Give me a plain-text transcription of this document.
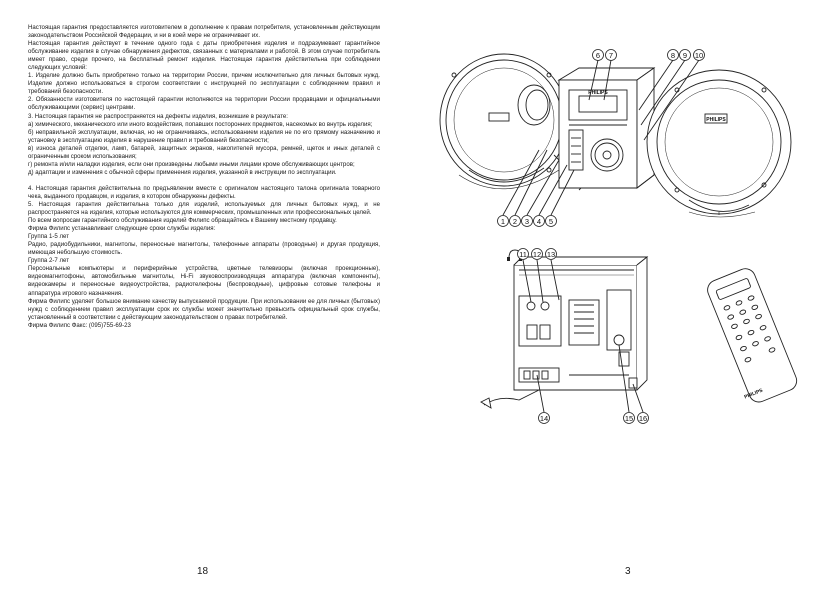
Настоящая гарантия предоставляется изготовителем в дополнение к правам потребителя, установленным действующим законодательством Российской Федерации, и ни в коей мере не ограничивает их.

Настоящая гарантия действует в течение одного года с даты приобретения изделия и подразумевает гарантийное обслуживание изделия в случае обнаружения дефектов, связанных с материалами и работой. В этом случае потребитель имеет право, среди прочего, на бесплатный ремонт изделия. Настоящая гарантия действительна при соблюдении следующих условий:

1. Изделие должно быть приобретено только на территории России, причем исключительно для личных бытовых нужд. Изделие должно использоваться в строгом соответствии с инструкцией по эксплуатации с соблюдением правил и требований безопасности.

2. Обязанности изготовителя по настоящей гарантии исполняются на территории России продавцами и официальными обслуживающими (сервис) центрами.

3. Настоящая гарантия не распространяется на дефекты изделия, возникшие в результате:

а) химического, механического или иного воздействия, попавших посторонних предметов, насекомых во внутрь изделия;

б) неправильной эксплуатации, включая, но не ограничиваясь, использованием изделия не по его прямому назначению и установку в эксплуатацию изделия в нарушение правил и требований безопасности;

в) износа деталей отделки, ламп, батарей, защитных экранов, накопителей мусора, ремней, щеток и иных деталей с ограниченным сроком использования;

г) ремонта и/или наладки изделия, если они произведены любыми иными лицами кроме обслуживающих центров;

д) адаптации и изменения с обычной сферы применения изделия, указанной в инструкции по эксплуатации.

4. Настоящая гарантия действительна по предъявлении вместе с оригиналом настоящего талона оригинала товарного чека, выданного продавцом, и изделия, в котором обнаружены дефекты.

5. Настоящая гарантия действительна только для изделий, используемых для личных бытовых нужд, и не распространяется на изделия, которые используются для коммерческих, промышленных или профессиональных целей.

По всем вопросам гарантийного обслуживания изделий Филипс обращайтесь к Вашему местному продавцу.

Фирма Филипс устанавливает следующие сроки службы изделия:

Группа 1-5 лет

Радио, радиобудильники, магнитолы, переносные магнитолы, телефонные аппараты (проводные) и другая продукция, имеющая небольшую стоимость.

Группа 2-7 лет

Персональные компьютеры и периферийные устройства, цветные телевизоры (включая проекционные), видеомагнитофоны, автомобильные магнитолы, Hi-Fi звуковоспроизводящая аппаратура (включая компоненты), видеокамеры и переносные видеоустройства, радиотелефоны (беспроводные), цифровые сотовые телефоны и аппаратура игрового назначения.

Фирма Филипс уделяет большое внимание качеству выпускаемой продукции. При использовании ее для личных (бытовых) нужд с соблюдением правил эксплуатации срок их службы может значительно превысить официальный срок службы, установленный в соответствии с действующим законодательством о правах потребителей.

Фирма Филипс Факс: (095)755-69-23

18
PHILIPS
PHILIPS
PHILIPS
6 7	8 9 10
1 2 3 4 5
11 12 13
14	15 16
3
